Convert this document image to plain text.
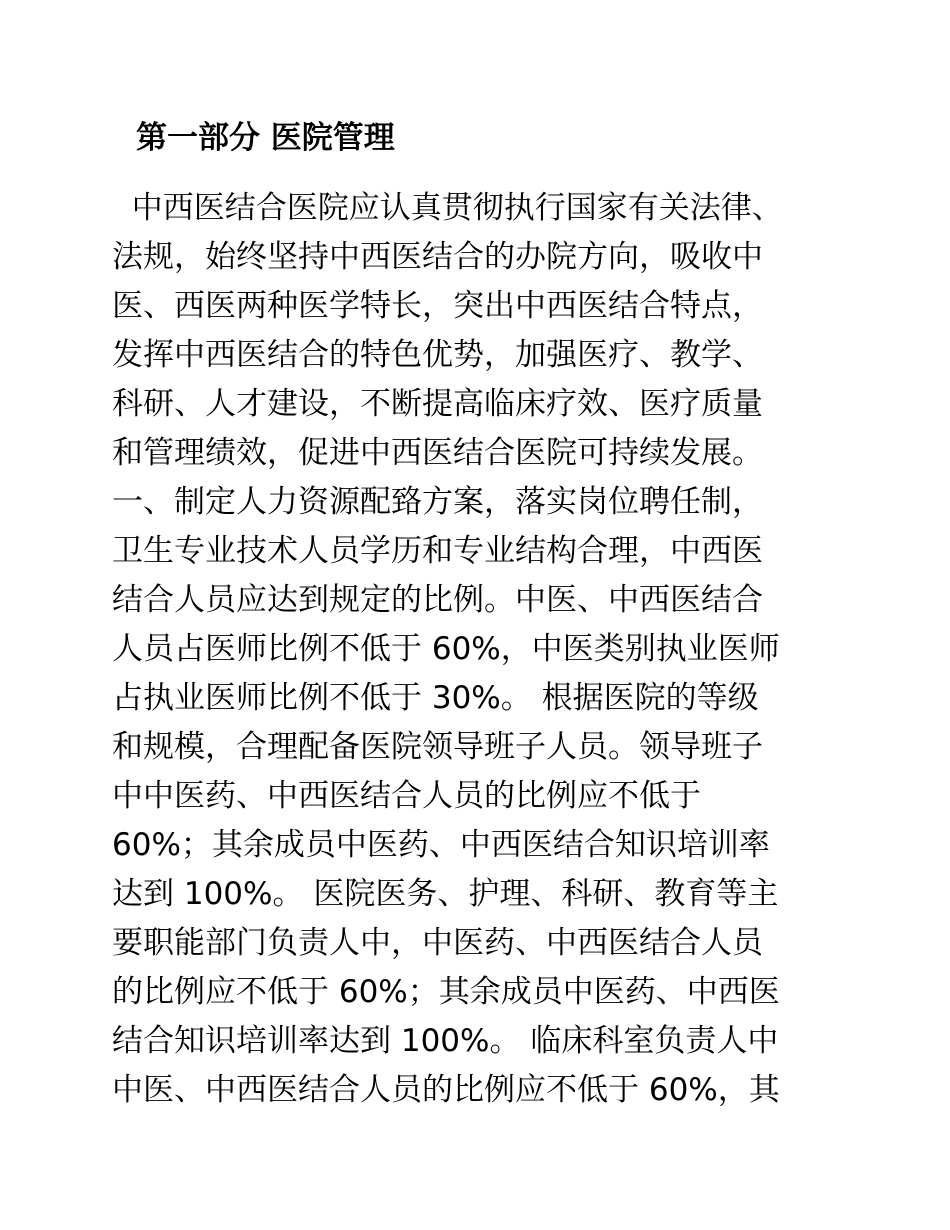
第一部分 医院管理
中西医结合医院应认真贯彻执行国家有关法律、
法规，始终坚持中西医结合的办院方向，吸收中
医、西医两种医学特长，突出中西医结合特点，
发挥中西医结合的特色优势，加强医疗、教学、
科研、人才建设，不断提高临床疗效、医疗质量
和管理绩效，促进中西医结合医院可持续发展。
一、制定人力资源配臵方案，落实岗位聘任制，
卫生专业技术人员学历和专业结构合理，中西医
结合人员应达到规定的比例。中医、中西医结合
人员占医师比例不低于 60%，中医类别执业医师
占执业医师比例不低于 30%。 根据医院的等级
和规模，合理配备医院领导班子人员。领导班子
中中医药、中西医结合人员的比例应不低于
60%；其余成员中医药、中西医结合知识培训率
达到 100%。 医院医务、护理、科研、教育等主
要职能部门负责人中，中医药、中西医结合人员
的比例应不低于 60%；其余成员中医药、中西医
结合知识培训率达到 100%。 临床科室负责人中
中医、中西医结合人员的比例应不低于 60%，其
